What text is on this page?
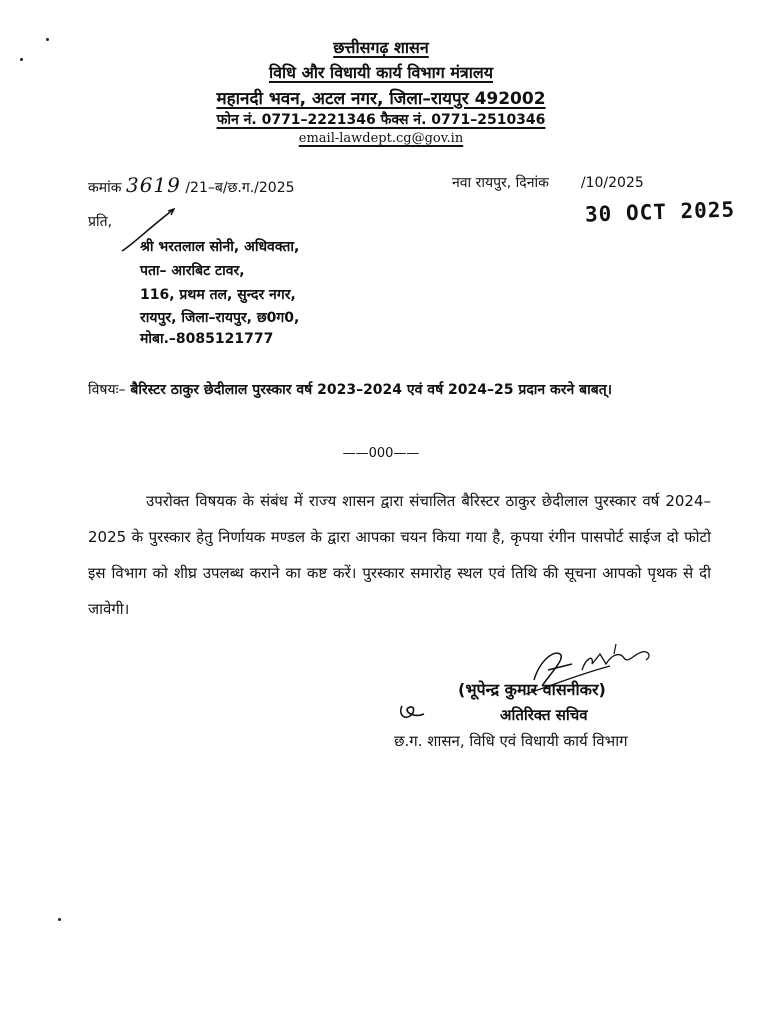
छत्तीसगढ़ शासन
विधि और विधायी कार्य विभाग मंत्रालय
महानदी भवन, अटल नगर, जिला–रायपुर 492002
फोन नं. 0771–2221346 फैक्स नं. 0771–2510346
email-lawdept.cg@gov.in
कमांक 3619 /21–ब/छ.ग./2025	नवा रायपुर, दिनांक /10/2025
30 OCT 2025
प्रति,
श्री भरतलाल सोनी, अधिवक्ता,
पता– आरबिट टावर,
116, प्रथम तल, सुन्दर नगर,
रायपुर, जिला–रायपुर, छ0ग0,
मोबा.–8085121777
विषयः– बैरिस्टर ठाकुर छेदीलाल पुरस्कार वर्ष 2023–2024 एवं वर्ष 2024–25 प्रदान करने बाबत्।
——000——
उपरोक्त विषयक के संबंध में राज्य शासन द्वारा संचालित बैरिस्टर ठाकुर छेदीलाल पुरस्कार वर्ष 2024–2025 के पुरस्कार हेतु निर्णायक मण्डल के द्वारा आपका चयन किया गया है, कृपया रंगीन पासपोर्ट साईज दो फोटो इस विभाग को शीघ्र उपलब्ध कराने का कष्ट करें। पुरस्कार समारोह स्थल एवं तिथि की सूचना आपको पृथक से दी जावेगी।
(भूपेन्द्र कुमार वासनीकर)
अतिरिक्त सचिव
छ.ग. शासन, विधि एवं विधायी कार्य विभाग
